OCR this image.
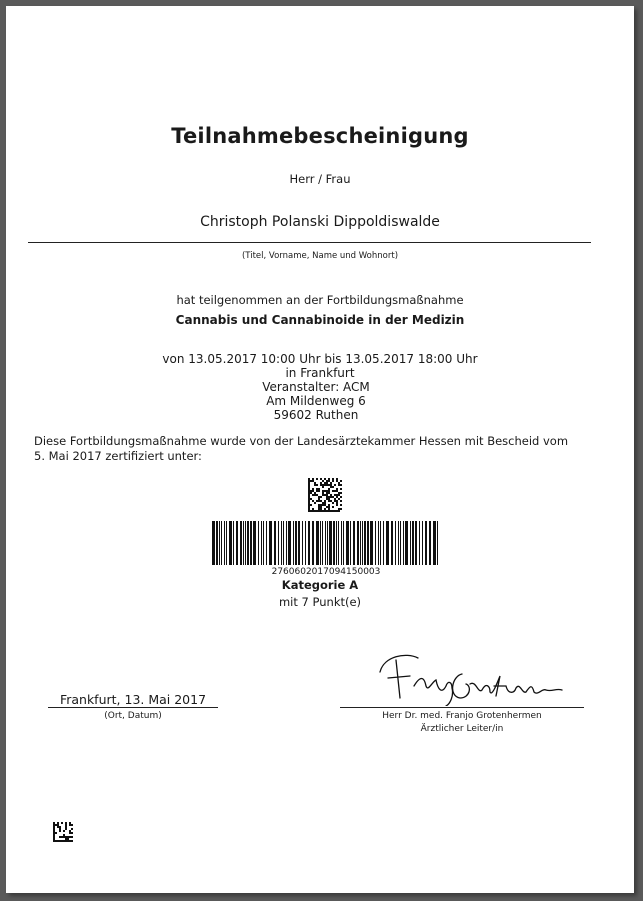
Teilnahmebescheinigung
Herr / Frau
Christoph Polanski Dippoldiswalde
(Titel, Vorname, Name und Wohnort)
hat teilgenommen an der Fortbildungsmaßnahme
Cannabis und Cannabinoide in der Medizin
von 13.05.2017 10:00 Uhr bis 13.05.2017 18:00 Uhr
in Frankfurt
Veranstalter: ACM
Am Mildenweg 6
59602 Ruthen
Diese Fortbildungsmaßnahme wurde von der Landesärztekammer Hessen mit Bescheid vom
5. Mai 2017 zertifiziert unter:
2760602017094150003
Kategorie A
mit 7 Punkt(e)
Frankfurt, 13. Mai 2017
(Ort, Datum)	Herr Dr. med. Franjo Grotenhermen
Ärztlicher Leiter/in
